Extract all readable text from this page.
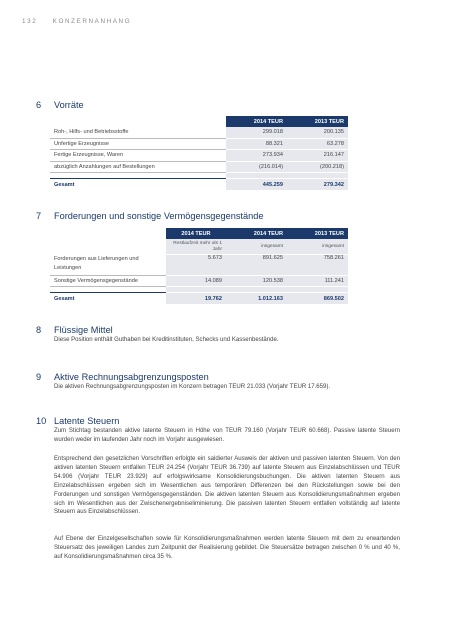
132 KONZERNANHANG
6	Vorräte
	2014 TEUR	2013 TEUR
Roh-, Hilfs- und Betriebsstoffe	299.018	200.135
Unfertige Erzeugnisse	88.321	63.278
Fertige Erzeugnisse, Waren	273.934	216.147
abzüglich Anzahlungen auf Bestellungen	(216.014)	(200.218)

Gesamt	445.259	279.342
7	Forderungen und sonstige Vermögensgegenstände
	2014 TEUR	2014 TEUR	2013 TEUR
	Restlaufzeit mehr als 1 Jahr	insgesamt	insgesamt
Forderungen aus Lieferungen und Leistungen	5.673	891.625	758.261
Sonstige Vermögensgegenstände	14.089	120.538	111.241

Gesamt	19.762	1.012.163	869.502
8	Flüssige Mittel
Diese Position enthält Guthaben bei Kreditinstituten, Schecks und Kassenbestände.
9	Aktive Rechnungsabgrenzungsposten
Die aktiven Rechnungsabgrenzungsposten im Konzern betragen TEUR 21.033 (Vorjahr TEUR 17.659).
10 Latente Steuern
Zum Stichtag bestanden aktive latente Steuern in Höhe von TEUR 79.160 (Vorjahr TEUR 60.668). Passive latente Steuern wurden weder im laufenden Jahr noch im Vorjahr ausgewiesen.
Entsprechend den gesetzlichen Vorschriften erfolgte ein saldierter Ausweis der aktiven und passiven latenten Steuern. Von den aktiven latenten Steuern entfallen TEUR 24.254 (Vorjahr TEUR 36.739) auf latente Steuern aus Einzelabschlüssen und TEUR 54.906 (Vorjahr TEUR 23.929) auf erfolgswirksame Konsolidierungsbuchungen. Die aktiven latenten Steuern aus Einzelabschlüssen ergeben sich im Wesentlichen aus temporären Differenzen bei den Rückstellungen sowie bei den Forderungen und sonstigen Vermögensgegenständen. Die aktiven latenten Steuern aus Konsolidierungsmaßnahmen ergeben sich im Wesentlichen aus der Zwischenergebniseliminierung. Die passiven latenten Steuern entfallen vollständig auf latente Steuern aus Einzelabschlüssen.
Auf Ebene der Einzelgesellschaften sowie für Konsolidierungsmaßnahmen werden latente Steuern mit dem zu erwartenden Steuersatz des jeweiligen Landes zum Zeitpunkt der Realisierung gebildet. Die Steuersätze betragen zwischen 0 % und 40 %, auf Konsolidierungsmaßnahmen circa 35 %.
